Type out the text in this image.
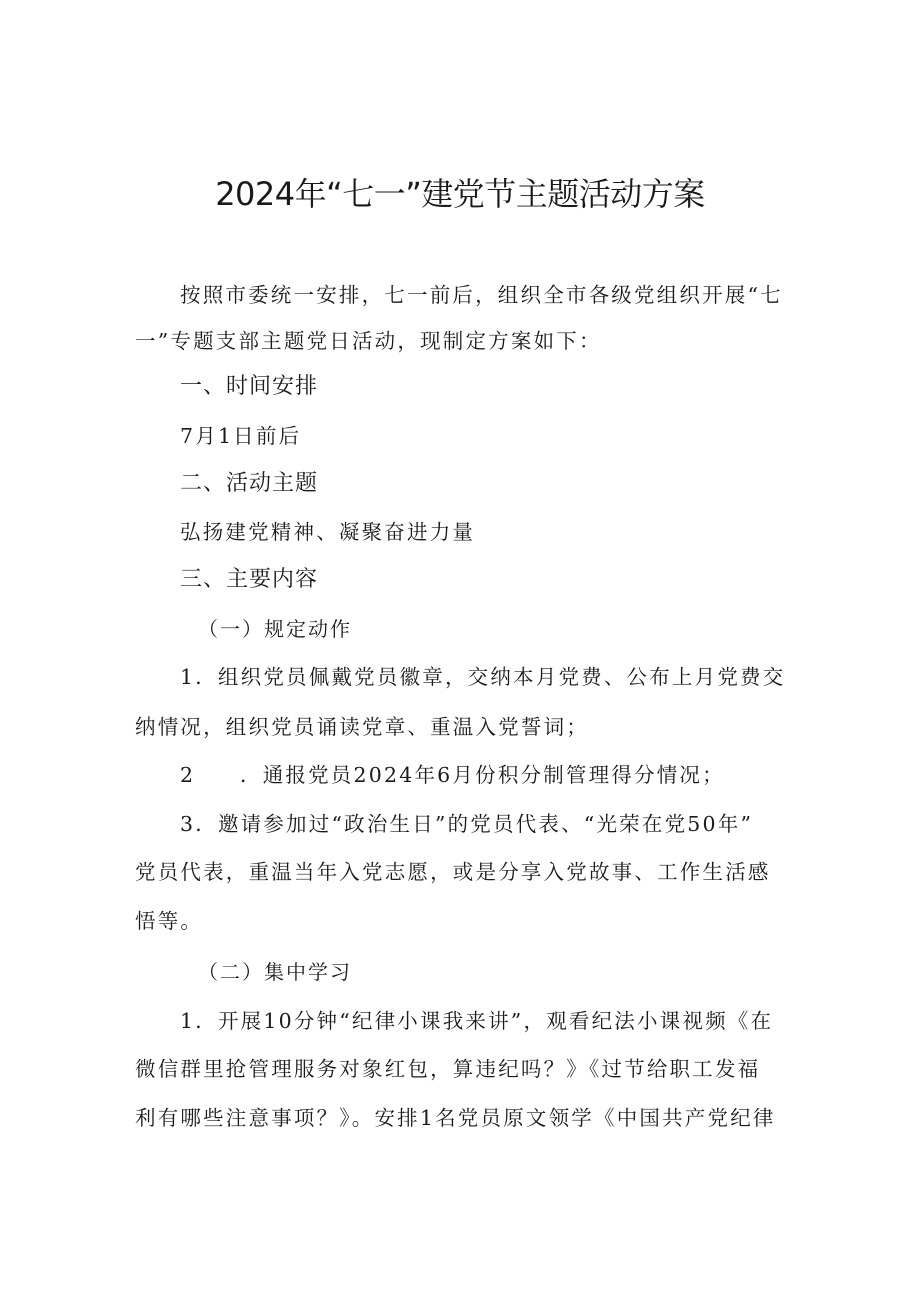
2024年“七一”建党节主题活动方案

按照市委统一安排，七一前后，组织全市各级党组织开展“七

一”专题支部主题党日活动，现制定方案如下：

一、时间安排

7月1日前后

二、活动主题

弘扬建党精神、凝聚奋进力量

三、主要内容

（一）规定动作

1．组织党员佩戴党员徽章，交纳本月党费、公布上月党费交

纳情况，组织党员诵读党章、重温入党誓词；

2 ．通报党员2024年6月份积分制管理得分情况；

3．邀请参加过“政治生日”的党员代表、“光荣在党50年”

党员代表，重温当年入党志愿，或是分享入党故事、工作生活感

悟等。

（二）集中学习

1．开展10分钟“纪律小课我来讲”，观看纪法小课视频《在

微信群里抢管理服务对象红包，算违纪吗？》《过节给职工发福

利有哪些注意事项？》。安排1名党员原文领学《中国共产党纪律
